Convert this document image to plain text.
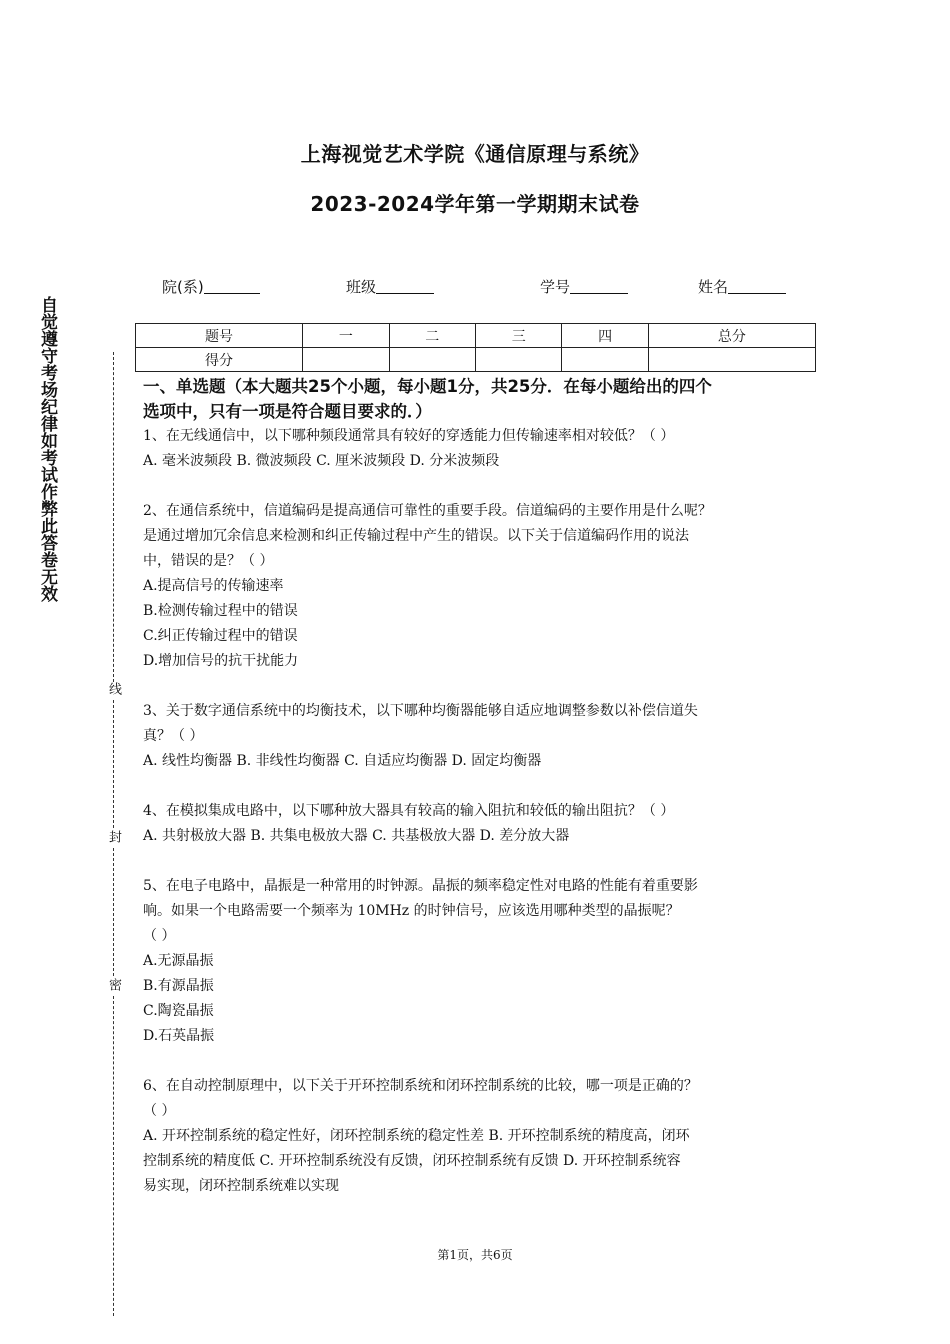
上海视觉艺术学院《通信原理与系统》
2023-2024学年第一学期期末试卷
自觉遵守考场纪律如考试作弊此答卷无效
线
封
密
院(系)	班级	学号	姓名
题号	一	二	三	四	总分
得分					
一、单选题（本大题共25个小题，每小题1分，共25分．在每小题给出的四个
选项中，只有一项是符合题目要求的．）
1、在无线通信中，以下哪种频段通常具有较好的穿透能力但传输速率相对较低？（ ）
A. 毫米波频段 B. 微波频段 C. 厘米波频段 D. 分米波频段
2、在通信系统中，信道编码是提高通信可靠性的重要手段。信道编码的主要作用是什么呢？
是通过增加冗余信息来检测和纠正传输过程中产生的错误。以下关于信道编码作用的说法
中，错误的是？（ ）
A.提高信号的传输速率
B.检测传输过程中的错误
C.纠正传输过程中的错误
D.增加信号的抗干扰能力
3、关于数字通信系统中的均衡技术，以下哪种均衡器能够自适应地调整参数以补偿信道失
真？（ ）
A. 线性均衡器 B. 非线性均衡器 C. 自适应均衡器 D. 固定均衡器
4、在模拟集成电路中，以下哪种放大器具有较高的输入阻抗和较低的输出阻抗？（ ）
A. 共射极放大器 B. 共集电极放大器 C. 共基极放大器 D. 差分放大器
5、在电子电路中，晶振是一种常用的时钟源。晶振的频率稳定性对电路的性能有着重要影
响。如果一个电路需要一个频率为 10MHz 的时钟信号，应该选用哪种类型的晶振呢？
（ ）
A.无源晶振
B.有源晶振
C.陶瓷晶振
D.石英晶振
6、在自动控制原理中，以下关于开环控制系统和闭环控制系统的比较，哪一项是正确的？
（ ）
A. 开环控制系统的稳定性好，闭环控制系统的稳定性差 B. 开环控制系统的精度高，闭环
控制系统的精度低 C. 开环控制系统没有反馈，闭环控制系统有反馈 D. 开环控制系统容
易实现，闭环控制系统难以实现
第1页，共6页
